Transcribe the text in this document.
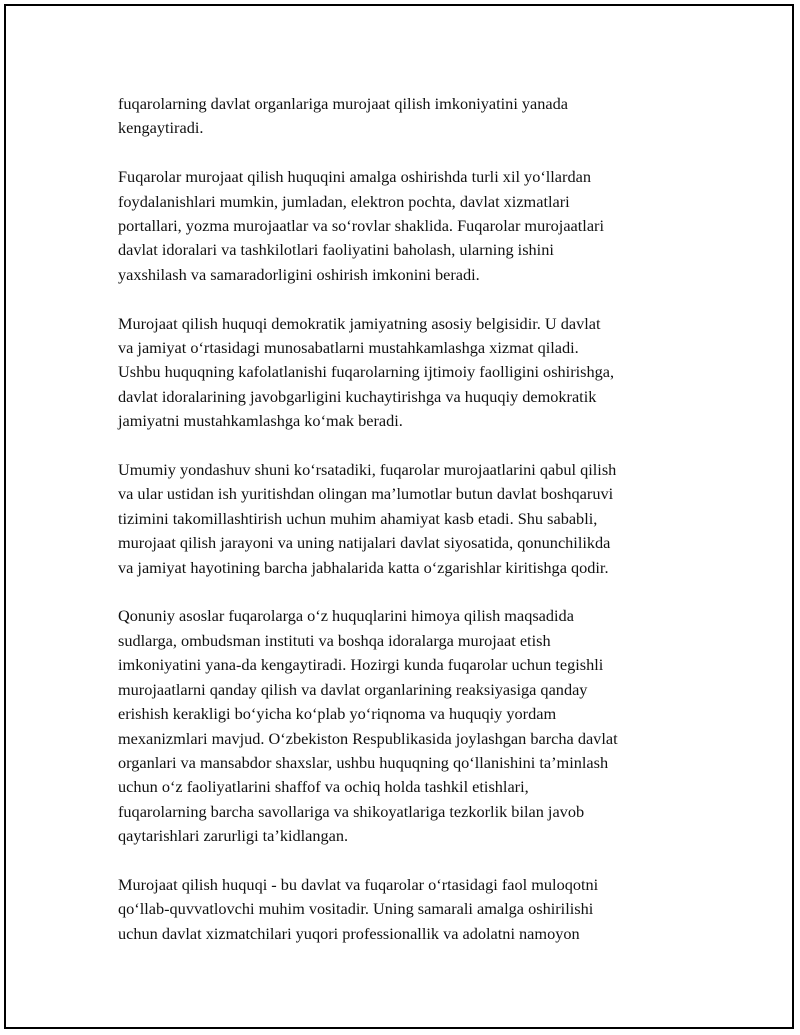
fuqarolarning davlat organlariga murojaat qilish imkoniyatini yanada
kengaytiradi.

Fuqarolar murojaat qilish huquqini amalga oshirishda turli xil yo‘llardan
foydalanishlari mumkin, jumladan, elektron pochta, davlat xizmatlari
portallari, yozma murojaatlar va so‘rovlar shaklida. Fuqarolar murojaatlari
davlat idoralari va tashkilotlari faoliyatini baholash, ularning ishini
yaxshilash va samaradorligini oshirish imkonini beradi.

Murojaat qilish huquqi demokratik jamiyatning asosiy belgisidir. U davlat
va jamiyat o‘rtasidagi munosabatlarni mustahkamlashga xizmat qiladi.
Ushbu huquqning kafolatlanishi fuqarolarning ijtimoiy faolligini oshirishga,
davlat idoralarining javobgarligini kuchaytirishga va huquqiy demokratik
jamiyatni mustahkamlashga ko‘mak beradi.

Umumiy yondashuv shuni ko‘rsatadiki, fuqarolar murojaatlarini qabul qilish
va ular ustidan ish yuritishdan olingan ma’lumotlar butun davlat boshqaruvi
tizimini takomillashtirish uchun muhim ahamiyat kasb etadi. Shu sababli,
murojaat qilish jarayoni va uning natijalari davlat siyosatida, qonunchilikda
va jamiyat hayotining barcha jabhalarida katta o‘zgarishlar kiritishga qodir.

Qonuniy asoslar fuqarolarga o‘z huquqlarini himoya qilish maqsadida
sudlarga, ombudsman instituti va boshqa idoralarga murojaat etish
imkoniyatini yana-da kengaytiradi. Hozirgi kunda fuqarolar uchun tegishli
murojaatlarni qanday qilish va davlat organlarining reaksiyasiga qanday
erishish kerakligi bo‘yicha ko‘plab yo‘riqnoma va huquqiy yordam
mexanizmlari mavjud. O‘zbekiston Respublikasida joylashgan barcha davlat
organlari va mansabdor shaxslar, ushbu huquqning qo‘llanishini ta’minlash
uchun o‘z faoliyatlarini shaffof va ochiq holda tashkil etishlari,
fuqarolarning barcha savollariga va shikoyatlariga tezkorlik bilan javob
qaytarishlari zarurligi ta’kidlangan.

Murojaat qilish huquqi - bu davlat va fuqarolar o‘rtasidagi faol muloqotni
qo‘llab-quvvatlovchi muhim vositadir. Uning samarali amalga oshirilishi
uchun davlat xizmatchilari yuqori professionallik va adolatni namoyon
